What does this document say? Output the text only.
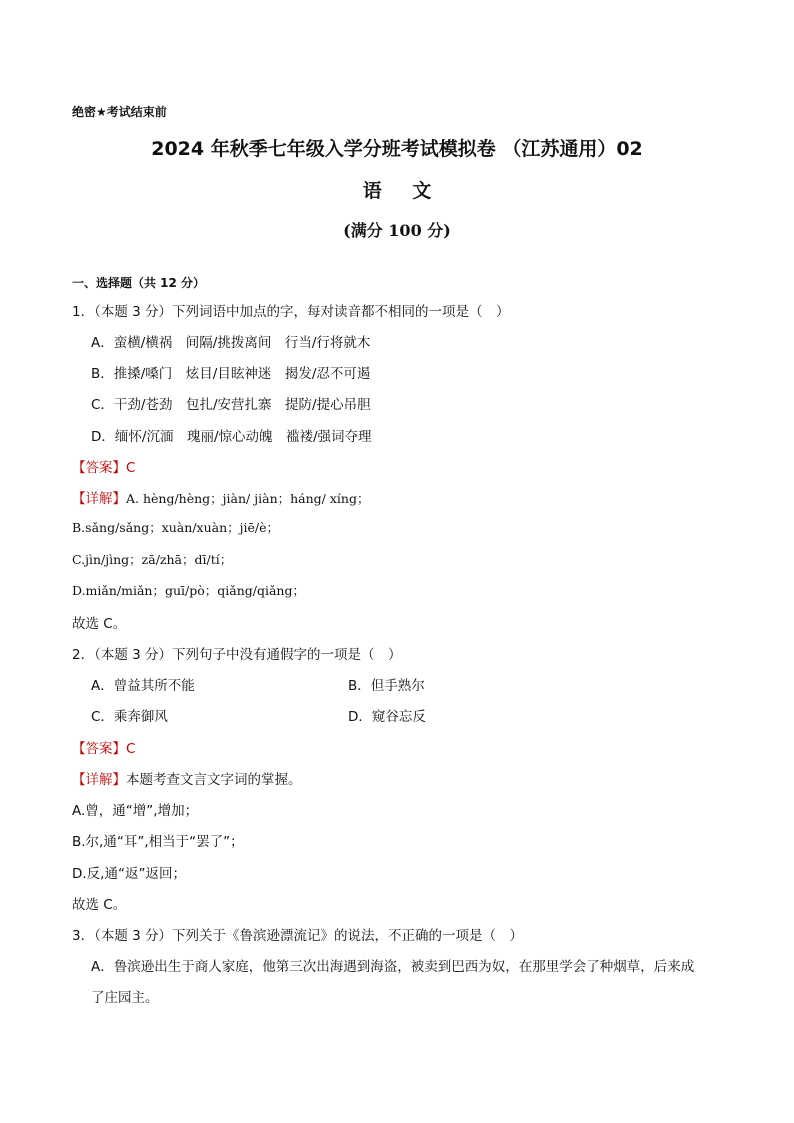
绝密★考试结束前
2024 年秋季七年级入学分班考试模拟卷 （江苏通用）02
语 文
(满分 100 分)
一、选择题（共 12 分）
1．（本题 3 分）下列词语中加点的字，每对读音都不相同的一项是（　）
A．蛮横/横祸　间隔/挑拨离间　行当/行将就木
B．推搡/嗓门　炫目/目眩神迷　揭发/忍不可遏
C．干劲/苍劲　包扎/安营扎寨　提防/提心吊胆
D．缅怀/沉湎　瑰丽/惊心动魄　褴褛/强词夺理
【答案】C
【详解】A. hèng/hèng；jiàn/ jiàn；háng/ xíng；
B.sǎng/sǎng；xuàn/xuàn；jiē/è；
C.jìn/jìng；zā/zhā；dī/tí；
D.miǎn/miǎn；guī/pò；qiǎng/qiǎng；
故选 C。
2．（本题 3 分）下列句子中没有通假字的一项是（　）
A．曾益其所不能	B．但手熟尔
C．乘奔御风	D．窥谷忘反
【答案】C
【详解】本题考查文言文字词的掌握。
A.曾，通“增”,增加；
B.尔,通“耳”,相当于“罢了”；
D.反,通“返”返回；
故选 C。
3．（本题 3 分）下列关于《鲁滨逊漂流记》的说法，不正确的一项是（　）
A．鲁滨逊出生于商人家庭，他第三次出海遇到海盗，被卖到巴西为奴，在那里学会了种烟草，后来成
了庄园主。
